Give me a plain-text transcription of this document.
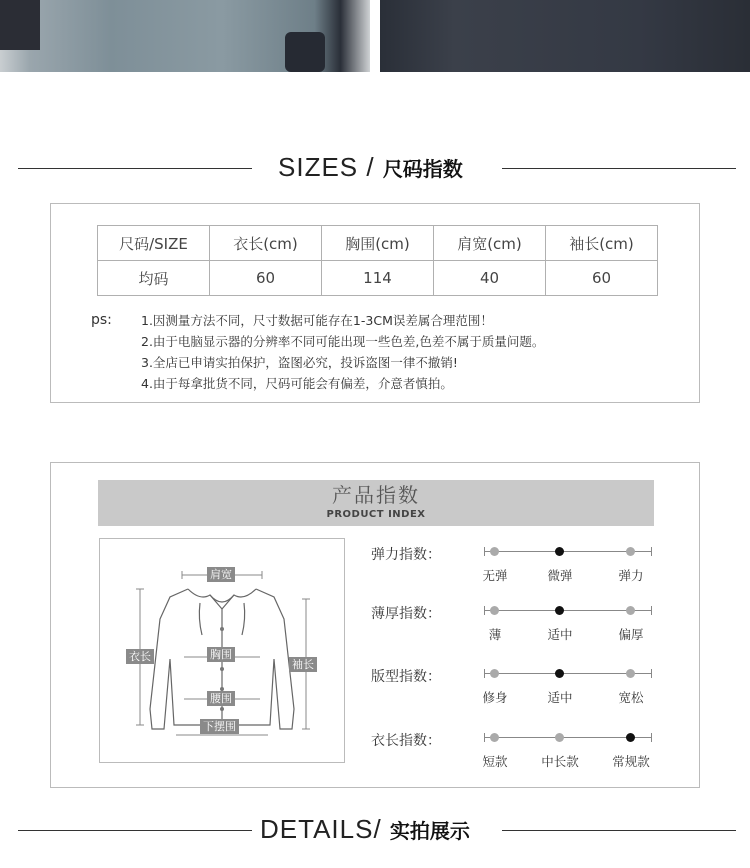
SIZES / 尺码指数
尺码/SIZE	衣长(cm)	胸围(cm)	肩宽(cm)	袖长(cm)
均码	60	114	40	60
ps: 1.因测量方法不同，尺寸数据可能存在1-3CM误差属合理范围！
2.由于电脑显示器的分辨率不同可能出现一些色差,色差不属于质量问题。
3.全店已申请实拍保护，盗图必究，投诉盗图一律不撤销!
4.由于每拿批货不同，尺码可能会有偏差，介意者慎拍。
产品指数
PRODUCT INDEX
肩宽
胸围
腰围
下摆围
衣长
袖长
弹力指数：
无弹	微弹	弹力
薄厚指数：
薄	适中	偏厚
版型指数：
修身	适中	宽松
衣长指数：
短款	中长款	常规款
DETAILS/ 实拍展示
